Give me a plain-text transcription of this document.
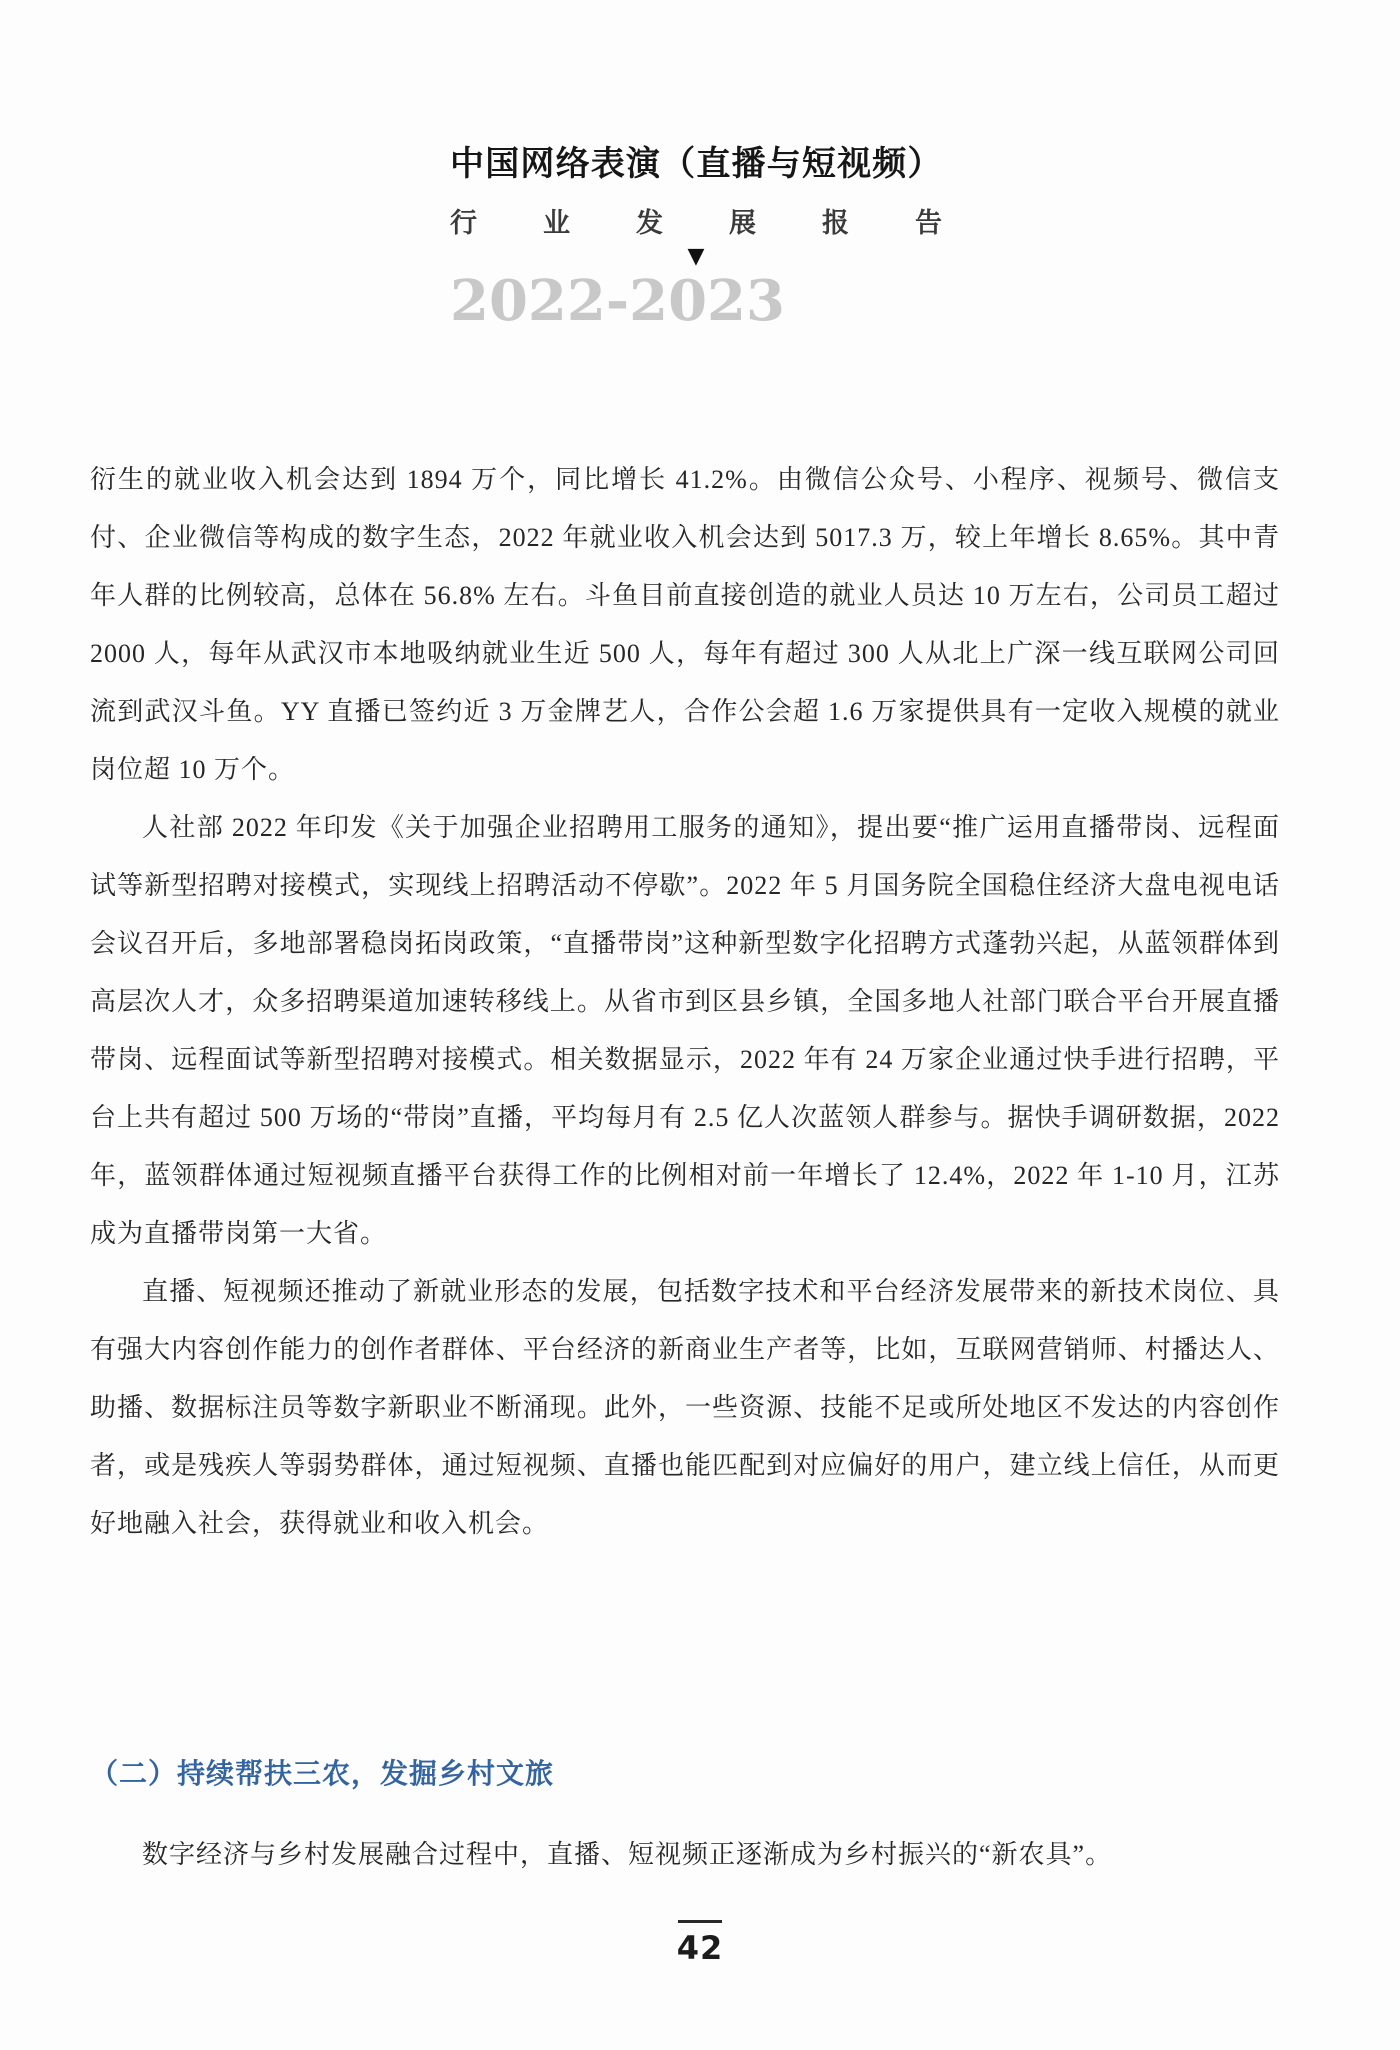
中国网络表演（直播与短视频）
行业发展报告
▼
2022-2023

衍生的就业收入机会达到 1894 万个，同比增长 41.2%。由微信公众号、小程序、视频号、微信支付、企业微信等构成的数字生态，2022 年就业收入机会达到 5017.3 万，较上年增长 8.65%。其中青年人群的比例较高，总体在 56.8% 左右。斗鱼目前直接创造的就业人员达 10 万左右，公司员工超过 2000 人，每年从武汉市本地吸纳就业生近 500 人，每年有超过 300 人从北上广深一线互联网公司回流到武汉斗鱼。YY 直播已签约近 3 万金牌艺人，合作公会超 1.6 万家提供具有一定收入规模的就业岗位超 10 万个。

人社部 2022 年印发《关于加强企业招聘用工服务的通知》，提出要“推广运用直播带岗、远程面试等新型招聘对接模式，实现线上招聘活动不停歇”。2022 年 5 月国务院全国稳住经济大盘电视电话会议召开后，多地部署稳岗拓岗政策，“直播带岗”这种新型数字化招聘方式蓬勃兴起，从蓝领群体到高层次人才，众多招聘渠道加速转移线上。从省市到区县乡镇，全国多地人社部门联合平台开展直播带岗、远程面试等新型招聘对接模式。相关数据显示，2022 年有 24 万家企业通过快手进行招聘，平台上共有超过 500 万场的“带岗”直播，平均每月有 2.5 亿人次蓝领人群参与。据快手调研数据，2022 年，蓝领群体通过短视频直播平台获得工作的比例相对前一年增长了 12.4%，2022 年 1-10 月，江苏成为直播带岗第一大省。

直播、短视频还推动了新就业形态的发展，包括数字技术和平台经济发展带来的新技术岗位、具有强大内容创作能力的创作者群体、平台经济的新商业生产者等，比如，互联网营销师、村播达人、助播、数据标注员等数字新职业不断涌现。此外，一些资源、技能不足或所处地区不发达的内容创作者，或是残疾人等弱势群体，通过短视频、直播也能匹配到对应偏好的用户，建立线上信任，从而更好地融入社会，获得就业和收入机会。

（二）持续帮扶三农，发掘乡村文旅

数字经济与乡村发展融合过程中，直播、短视频正逐渐成为乡村振兴的“新农具”。

42
